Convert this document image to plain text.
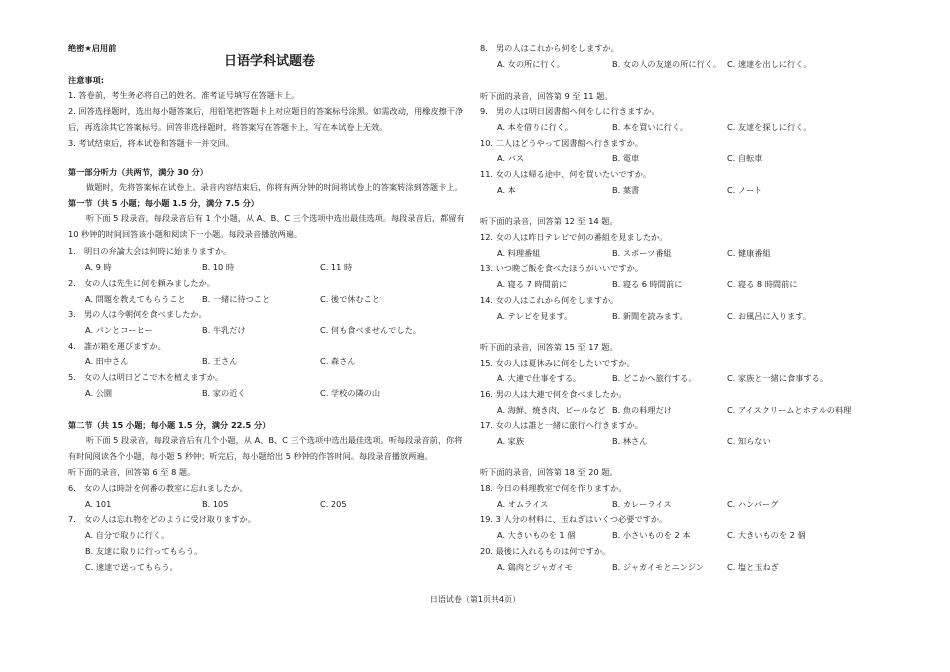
绝密★启用前
日语学科试题卷
注意事项:
1. 答卷前，考生务必将自己的姓名、准考证号填写在答题卡上。
2. 回答选择题时，选出每小题答案后，用铅笔把答题卡上对应题目的答案标号涂黑。如需改动，用橡皮擦干净后，再选涂其它答案标号。回答非选择题时，将答案写在答题卡上，写在本试卷上无效。
3. 考试结束后，将本试卷和答题卡一并交回。
第一部分听力（共两节，满分 30 分）
做题时，先将答案标在试卷上。录音内容结束后，你将有两分钟的时间将试卷上的答案转涂到答题卡上。
第一节（共 5 小题；每小题 1.5 分，满分 7.5 分）
听下面 5 段录音，每段录音后有 1 个小题，从 A、B、C 三个选项中选出最佳选项。每段录音后，都留有 10 秒钟的时间回答该小题和阅读下一小题。每段录音播放两遍。
1.　明日の弁論大会は何時に始まりますか。
A. 9 時	B. 10 時	C. 11 時
2.　女の人は先生に何を頼みましたか。
A. 問題を教えてもらうこと B. 一緒に待つこと	C. 後で休むこと
3.　男の人は今朝何を食べましたか。
A. パンとコーヒー	B. 牛乳だけ	C. 何も食べませんでした。
4.　誰が箱を運びますか。
A. 田中さん	B. 王さん	C. 森さん
5.　女の人は明日どこで木を植えますか。
A. 公園	B. 家の近く	C. 学校の隣の山
第二节（共 15 小题；每小题 1.5 分，满分 22.5 分）
听下面 5 段录音，每段录音后有几个小题，从 A、B、C 三个选项中选出最佳选项。听每段录音前，你将有时间阅读各个小题，每小题 5 秒钟；听完后，每小题给出 5 秒钟的作答时间。每段录音播放两遍。
听下面的录音，回答第 6 至 8 题。
6.　女の人は時計を何番の教室に忘れましたか。
A. 101	B. 105	C. 205
7.　女の人は忘れ物をどのように受け取りますか。
A. 自分で取りに行く。
B. 友達に取りに行ってもらう。
C. 速達で送ってもらう。
8.　男の人はこれから何をしますか。
A. 女の所に行く。	B. 女の人の友達の所に行く。 C. 速達を出しに行く。
听下面的录音，回答第 9 至 11 题。
9.　男の人は明日図書館へ何をしに行きますか。
A. 本を借りに行く。	B. 本を買いに行く。	C. 友達を探しに行く。
10. 二人はどうやって図書館へ行きますか。
A. バス	B. 電車	C. 自転車
11. 女の人は帰る途中、何を買いたいですか。
A. 本	B. 葉書	C. ノート
听下面的录音，回答第 12 至 14 题。
12. 女の人は昨日テレビで何の番組を見ましたか。
A. 料理番組	B. スポーツ番組	C. 健康番組
13. いつ晩ご飯を食べたほうがいいですか。
A. 寝る 7 時間前に	B. 寝る 6 時間前に	C. 寝る 8 時間前に
14. 女の人はこれから何をしますか。
A. テレビを見ます。	B. 新聞を読みます。	C. お風呂に入ります。
听下面的录音，回答第 15 至 17 题。
15. 女の人は夏休みに何をしたいですか。
A. 大連で仕事をする。	B. どこかへ旅行する。	C. 家族と一緒に食事する。
16. 男の人は大連で何を食べましたか。
A. 海鮮、焼き肉、ビールなど B. 魚の料理だけ	C. アイスクリームとホテルの料理
17. 女の人は誰と一緒に旅行へ行きますか。
A. 家族	B. 林さん	C. 知らない
听下面的录音，回答第 18 至 20 题。
18. 今日の料理教室で何を作りますか。
A. オムライス	B. カレーライス	C. ハンバーグ
19. 3 人分の材料に、玉ねぎはいくつ必要ですか。
A. 大きいものを 1 個	B. 小さいものを 2 本	C. 大きいものを 2 個
20. 最後に入れるものは何ですか。
A. 鶏肉とジャガイモ	B. ジャガイモとニンジン	C. 塩と玉ねぎ
日语试卷（第1页共4页）
